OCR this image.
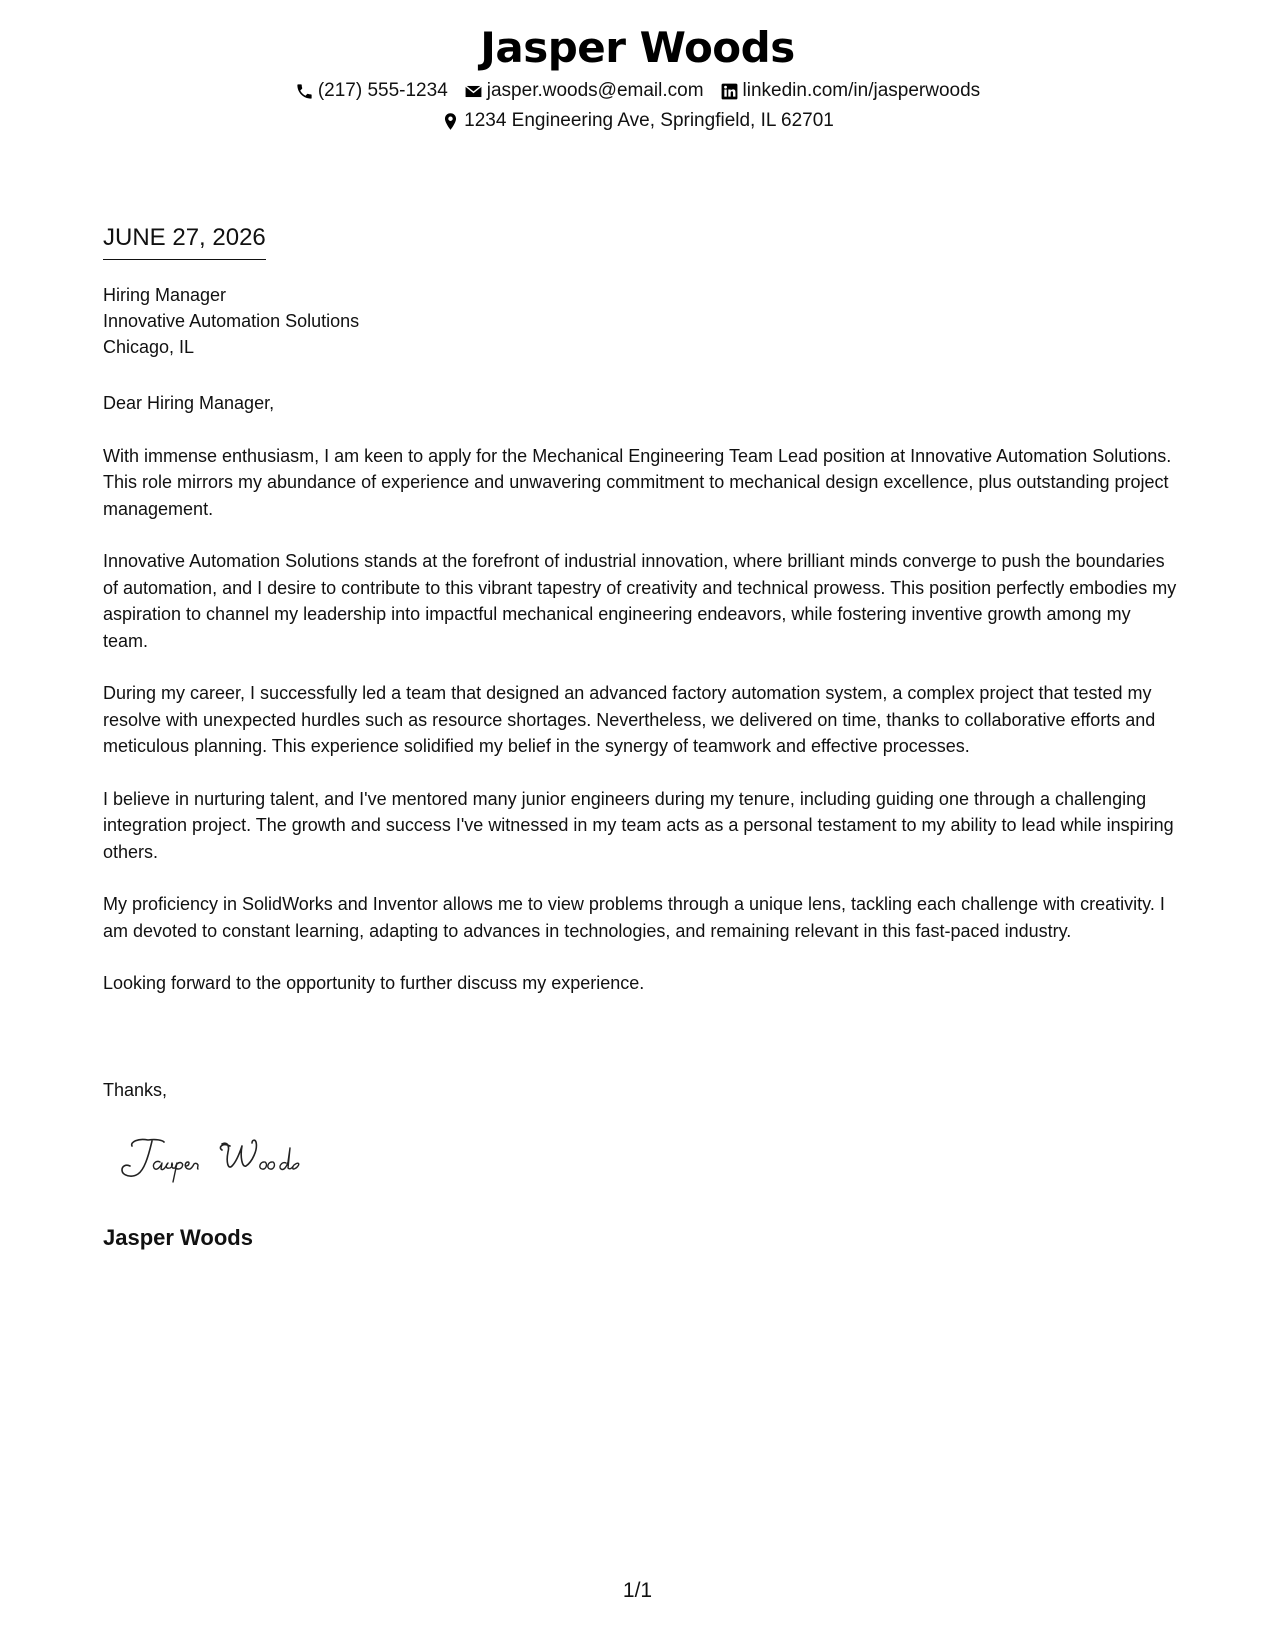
Jasper Woods
(217) 555-1234 jasper.woods@email.com linkedin.com/in/jasperwoods
1234 Engineering Ave, Springfield, IL 62701
JUNE 27, 2026
Hiring Manager
Innovative Automation Solutions
Chicago, IL

Dear Hiring Manager,

With immense enthusiasm, I am keen to apply for the Mechanical Engineering Team Lead position at Innovative Automation Solutions. This role mirrors my abundance of experience and unwavering commitment to mechanical design excellence, plus outstanding project management.

Innovative Automation Solutions stands at the forefront of industrial innovation, where brilliant minds converge to push the boundaries of automation, and I desire to contribute to this vibrant tapestry of creativity and technical prowess. This position perfectly embodies my aspiration to channel my leadership into impactful mechanical engineering endeavors, while fostering inventive growth among my team.

During my career, I successfully led a team that designed an advanced factory automation system, a complex project that tested my resolve with unexpected hurdles such as resource shortages. Nevertheless, we delivered on time, thanks to collaborative efforts and meticulous planning. This experience solidified my belief in the synergy of teamwork and effective processes.

I believe in nurturing talent, and I've mentored many junior engineers during my tenure, including guiding one through a challenging integration project. The growth and success I've witnessed in my team acts as a personal testament to my ability to lead while inspiring others.

My proficiency in SolidWorks and Inventor allows me to view problems through a unique lens, tackling each challenge with creativity. I am devoted to constant learning, adapting to advances in technologies, and remaining relevant in this fast-paced industry.

Looking forward to the opportunity to further discuss my experience.

Thanks,
Jasper Woods
1/1
